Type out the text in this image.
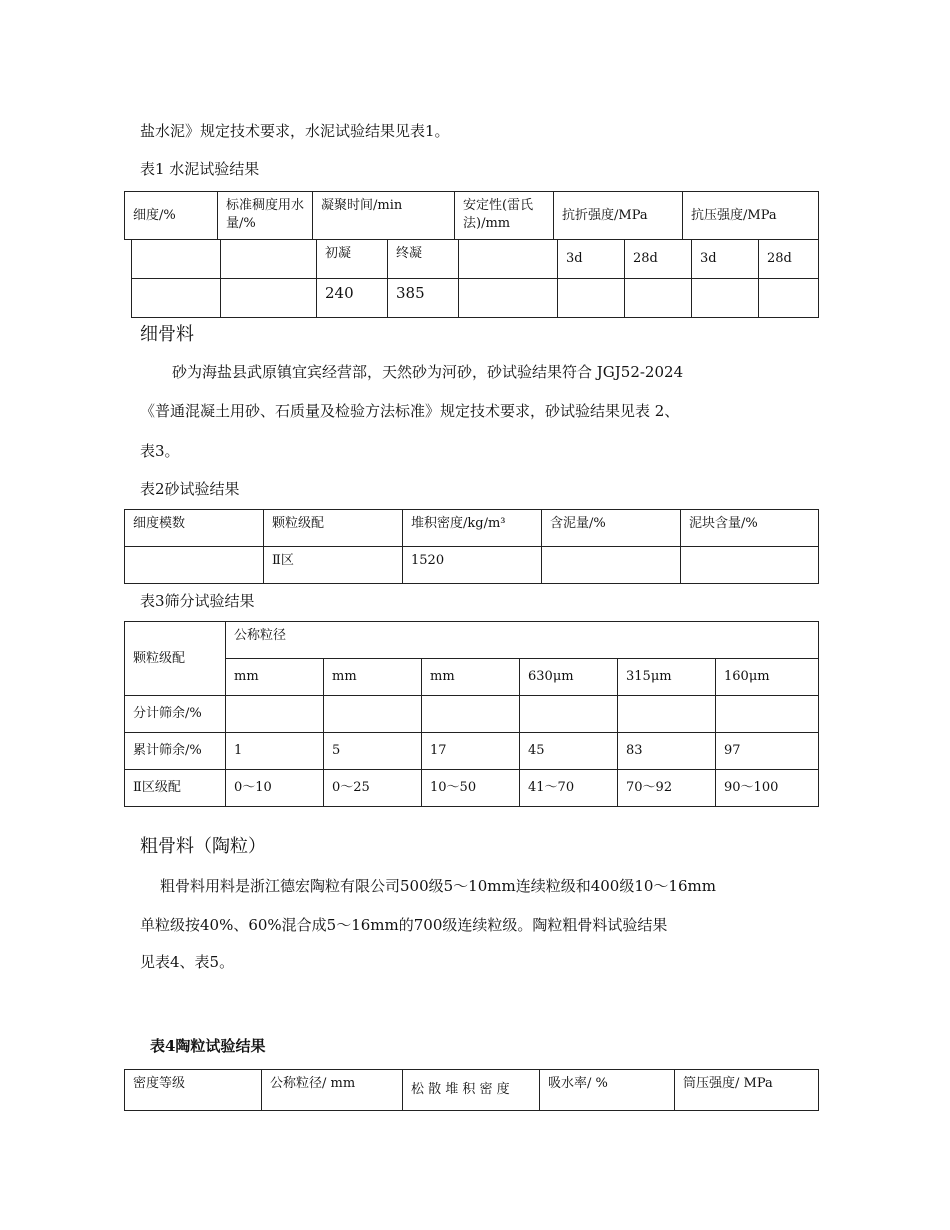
盐水泥》规定技术要求，水泥试验结果见表1。
表1 水泥试验结果
细度/%	标准稠度用水量/%	凝聚时间/min	安定性(雷氏法)/mm	抗折强度/MPa	抗压强度/MPa
		初凝	终凝		3d	28d	3d	28d
		240	385					
细骨料
砂为海盐县武原镇宜宾经营部，天然砂为河砂，砂试验结果符合 JGJ52-2024
《普通混凝土用砂、石质量及检验方法标准》规定技术要求，砂试验结果见表 2、
表3。
表2砂试验结果
细度模数	颗粒级配	堆积密度/kg/m³	含泥量/%	泥块含量/%
	Ⅱ区	1520		
表3筛分试验结果
颗粒级配	公称粒径					
	mm	mm	mm	630μm	315μm	160μm
分计筛余/%						
累计筛余/%	1	5	17	45	83	97
Ⅱ区级配	0～10	0～25	10～50	41～70	70～92	90～100
粗骨料（陶粒）
粗骨料用料是浙江德宏陶粒有限公司500级5～10mm连续粒级和400级10～16mm
单粒级按40%、60%混合成5～16mm的700级连续粒级。陶粒粗骨料试验结果
见表4、表5。
表4陶粒试验结果
密度等级	公称粒径/ mm	松 散 堆 积 密 度	吸水率/ %	筒压强度/ MPa
